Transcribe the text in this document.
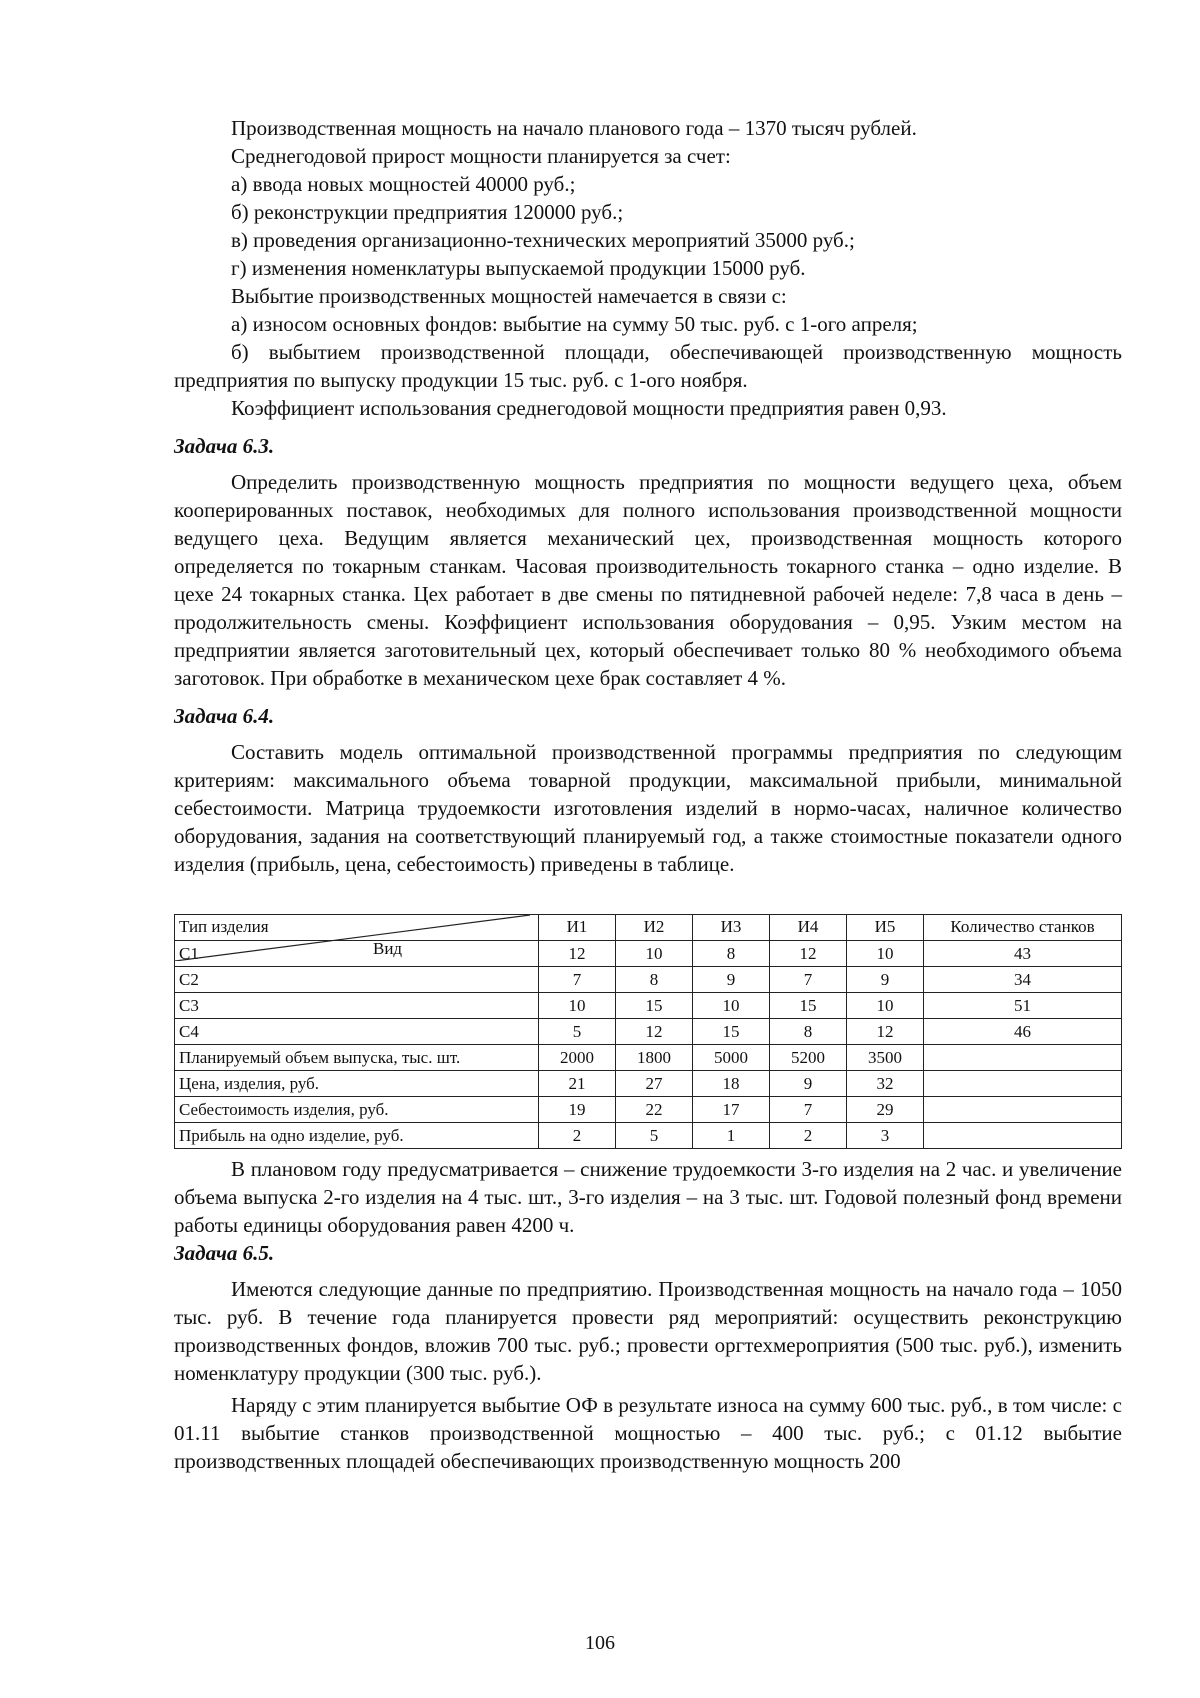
Производственная мощность на начало планового года – 1370 тысяч рублей.

Среднегодовой прирост мощности планируется за счет:

а) ввода новых мощностей 40000 руб.;

б) реконструкции предприятия 120000 руб.;

в) проведения организационно-технических мероприятий 35000 руб.;

г) изменения номенклатуры выпускаемой продукции 15000 руб.

Выбытие производственных мощностей намечается в связи с:

а) износом основных фондов: выбытие на сумму 50 тыс. руб. с 1-ого апреля;

б) выбытием производственной площади, обеспечивающей производственную мощность предприятия по выпуску продукции 15 тыс. руб. с 1-ого ноября.

Коэффициент использования среднегодовой мощности предприятия равен 0,93.

Задача 6.3.

Определить производственную мощность предприятия по мощности ведущего цеха, объем кооперированных поставок, необходимых для полного использования производственной мощности ведущего цеха. Ведущим является механический цех, производственная мощность которого определяется по токарным станкам. Часовая производительность токарного станка – одно изделие. В цехе 24 токарных станка. Цех работает в две смены по пятидневной рабочей неделе: 7,8 часа в день – продолжительность смены. Коэффициент использования оборудования – 0,95. Узким местом на предприятии является заготовительный цех, который обеспечивает только 80 % необходимого объема заготовок. При обработке в механическом цехе брак составляет 4 %.

Задача 6.4.

Составить модель оптимальной производственной программы предприятия по следующим критериям: максимального объема товарной продукции, максимальной прибыли, минимальной себестоимости. Матрица трудоемкости изготовления изделий в нормо-часах, наличное количество оборудования, задания на соответствующий планируемый год, а также стоимостные показатели одного изделия (прибыль, цена, себестоимость) приведены в таблице.

Тип изделия
Вид	И1	И2	И3	И4	И5	Количество станков
С1	12	10	8	12	10	43
С2	7	8	9	7	9	34
С3	10	15	10	15	10	51
С4	5	12	15	8	12	46
Планируемый объем выпуска, тыс. шт.	2000	1800	5000	5200	3500	
Цена, изделия, руб.	21	27	18	9	32	
Себестоимость изделия, руб.	19	22	17	7	29	
Прибыль на одно изделие, руб.	2	5	1	2	3	

В плановом году предусматривается – снижение трудоемкости 3-го изделия на 2 час. и увеличение объема выпуска 2-го изделия на 4 тыс. шт., 3-го изделия – на 3 тыс. шт. Годовой полезный фонд времени работы единицы оборудования равен 4200 ч.

Задача 6.5.

Имеются следующие данные по предприятию. Производственная мощность на начало года – 1050 тыс. руб. В течение года планируется провести ряд мероприятий: осуществить реконструкцию производственных фондов, вложив 700 тыс. руб.; провести оргтехмероприятия (500 тыс. руб.), изменить номенклатуру продукции (300 тыс. руб.).

Наряду с этим планируется выбытие ОФ в результате износа на сумму 600 тыс. руб., в том числе: с 01.11 выбытие станков производственной мощностью – 400 тыс. руб.; с 01.12 выбытие производственных площадей обеспечивающих производственную мощность 200

106
